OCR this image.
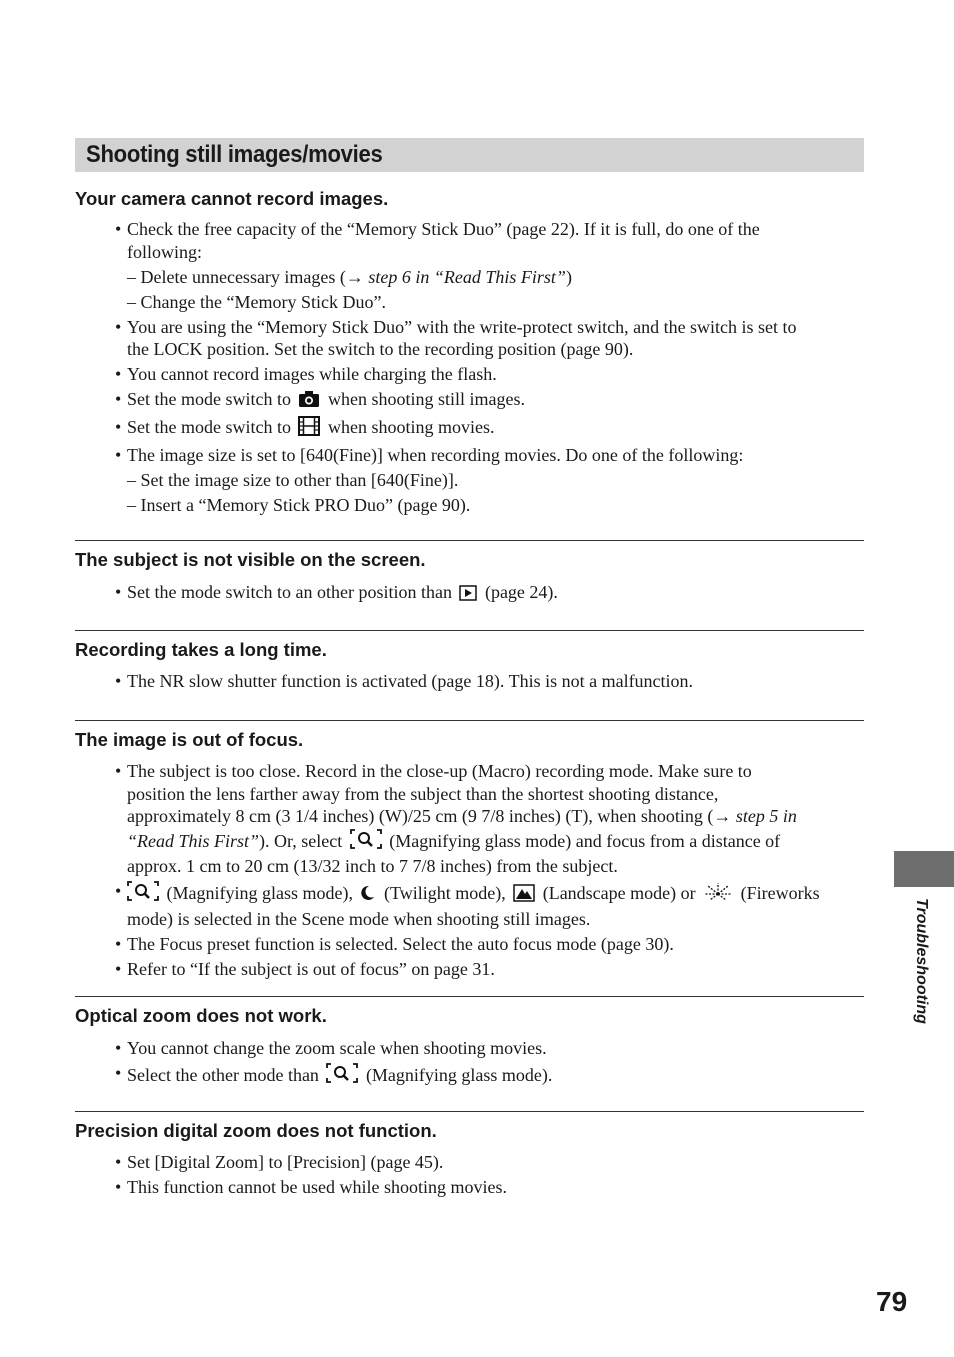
Shooting still images/movies
Your camera cannot record images.
• Check the free capacity of the “Memory Stick Duo” (page 22). If it is full, do one of the
following:
– Delete unnecessary images (→ step 6 in “Read This First”)
– Change the “Memory Stick Duo”.
• You are using the “Memory Stick Duo” with the write-protect switch, and the switch is set to
the LOCK position. Set the switch to the recording position (page 90).
• You cannot record images while charging the flash.
• Set the mode switch to when shooting still images.
• Set the mode switch to when shooting movies.
• The image size is set to [640(Fine)] when recording movies. Do one of the following:
– Set the image size to other than [640(Fine)].
– Insert a “Memory Stick PRO Duo” (page 90).
The subject is not visible on the screen.
• Set the mode switch to an other position than (page 24).
Recording takes a long time.
• The NR slow shutter function is activated (page 18). This is not a malfunction.
The image is out of focus.
• The subject is too close. Record in the close-up (Macro) recording mode. Make sure to
position the lens farther away from the subject than the shortest shooting distance,
approximately 8 cm (3 1/4 inches) (W)/25 cm (9 7/8 inches) (T), when shooting (→ step 5 in
“Read This First”). Or, select	(Magnifying glass mode) and focus from a distance of
approx. 1 cm to 20 cm (13/32 inch to 7 7/8 inches) from the subject.
•	(Magnifying glass mode), (Twilight mode), (Landscape mode) or	(Fireworks
mode) is selected in the Scene mode when shooting still images.
• The Focus preset function is selected. Select the auto focus mode (page 30).
• Refer to “If the subject is out of focus” on page 31.
Optical zoom does not work.
• You cannot change the zoom scale when shooting movies.
• Select the other mode than	(Magnifying glass mode).
Precision digital zoom does not function.
• Set [Digital Zoom] to [Precision] (page 45).
• This function cannot be used while shooting movies.
Troubleshooting
79
